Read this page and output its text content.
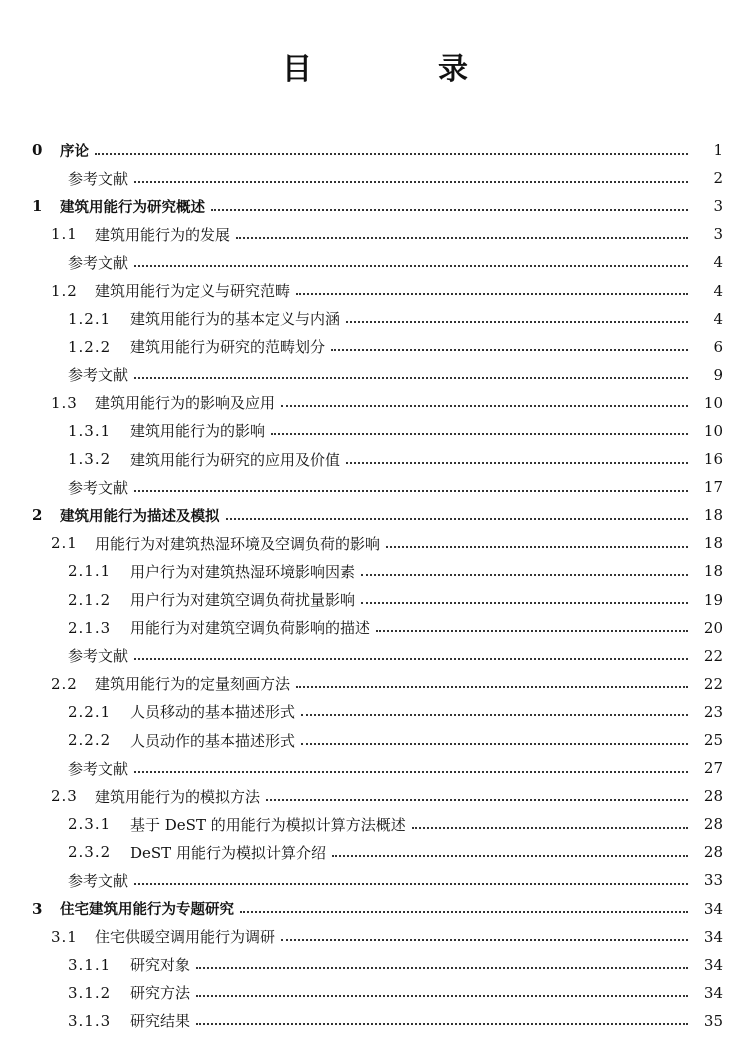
目　录
0	序论	1
参考文献	2
1	建筑用能行为研究概述	3
1.1	建筑用能行为的发展	3
参考文献	4
1.2	建筑用能行为定义与研究范畴	4
1.2.1	建筑用能行为的基本定义与内涵	4
1.2.2	建筑用能行为研究的范畴划分	6
参考文献	9
1.3	建筑用能行为的影响及应用	10
1.3.1	建筑用能行为的影响	10
1.3.2	建筑用能行为研究的应用及价值	16
参考文献	17
2	建筑用能行为描述及模拟	18
2.1	用能行为对建筑热湿环境及空调负荷的影响	18
2.1.1	用户行为对建筑热湿环境影响因素	18
2.1.2	用户行为对建筑空调负荷扰量影响	19
2.1.3	用能行为对建筑空调负荷影响的描述	20
参考文献	22
2.2	建筑用能行为的定量刻画方法	22
2.2.1	人员移动的基本描述形式	23
2.2.2	人员动作的基本描述形式	25
参考文献	27
2.3	建筑用能行为的模拟方法	28
2.3.1	基于 DeST 的用能行为模拟计算方法概述	28
2.3.2	DeST 用能行为模拟计算介绍	28
参考文献	33
3	住宅建筑用能行为专题研究	34
3.1	住宅供暖空调用能行为调研	34
3.1.1	研究对象	34
3.1.2	研究方法	34
3.1.3	研究结果	35
